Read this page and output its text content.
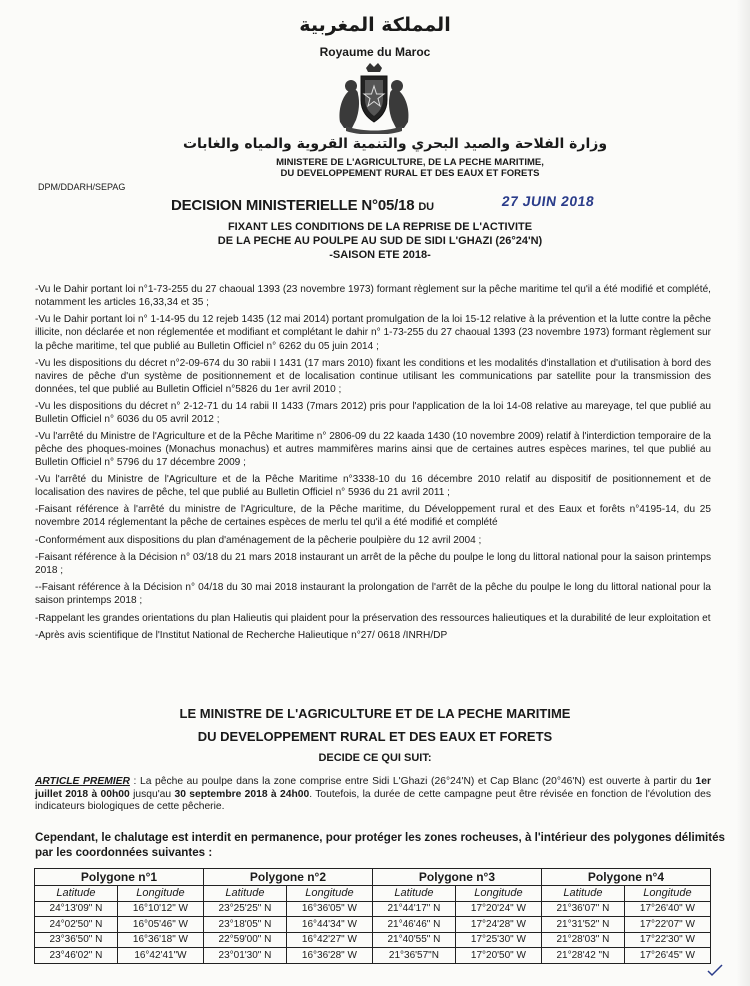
المملكة المغربية
Royaume du Maroc
وزارة الفلاحة والصيد البحري والتنمية القروية والمياه والغابات
MINISTERE DE L'AGRICULTURE, DE LA PECHE MARITIME,
DU DEVELOPPEMENT RURAL ET DES EAUX ET FORETS
DPM/DDARH/SEPAG
DECISION MINISTERIELLE N°05/18 DU	27 JUIN 2018
FIXANT LES CONDITIONS DE LA REPRISE DE L'ACTIVITE
DE LA PECHE AU POULPE AU SUD DE SIDI L'GHAZI (26°24'N)
-SAISON ETE 2018-

-Vu le Dahir portant loi n°1-73-255 du 27 chaoual 1393 (23 novembre 1973) formant règlement sur la pêche maritime tel qu'il a été modifié et complété, notamment les articles 16,33,34 et 35 ;

-Vu le Dahir portant loi n° 1-14-95 du 12 rejeb 1435 (12 mai 2014) portant promulgation de la loi 15-12 relative à la prévention et la lutte contre la pêche illicite, non déclarée et non réglementée et modifiant et complétant le dahir n° 1-73-255 du 27 chaoual 1393 (23 novembre 1973) formant règlement sur la pêche maritime, tel que publié au Bulletin Officiel n° 6262 du 05 juin 2014 ;

-Vu les dispositions du décret n°2-09-674 du 30 rabii I 1431 (17 mars 2010) fixant les conditions et les modalités d'installation et d'utilisation à bord des navires de pêche d'un système de positionnement et de localisation continue utilisant les communications par satellite pour la transmission des données, tel que publié au Bulletin Officiel n°5826 du 1er avril 2010 ;

-Vu les dispositions du décret n° 2-12-71 du 14 rabii II 1433 (7mars 2012) pris pour l'application de la loi 14-08 relative au mareyage, tel que publié au Bulletin Officiel n° 6036 du 05 avril 2012 ;

-Vu l'arrêté du Ministre de l'Agriculture et de la Pêche Maritime n° 2806-09 du 22 kaada 1430 (10 novembre 2009) relatif à l'interdiction temporaire de la pêche des phoques-moines (Monachus monachus) et autres mammifères marins ainsi que de certaines autres espèces marines, tel que publié au Bulletin Officiel n° 5796 du 17 décembre 2009 ;

-Vu l'arrêté du Ministre de l'Agriculture et de la Pêche Maritime n°3338-10 du 16 décembre 2010 relatif au dispositif de positionnement et de localisation des navires de pêche, tel que publié au Bulletin Officiel n° 5936 du 21 avril 2011 ;

-Faisant référence à l'arrêté du ministre de l'Agriculture, de la Pêche maritime, du Développement rural et des Eaux et forêts n°4195-14, du 25 novembre 2014 réglementant la pêche de certaines espèces de merlu tel qu'il a été modifié et complété

-Conformément aux dispositions du plan d'aménagement de la pêcherie poulpière du 12 avril 2004 ;

-Faisant référence à la Décision n° 03/18 du 21 mars 2018 instaurant un arrêt de la pêche du poulpe le long du littoral national pour la saison printemps 2018 ;

--Faisant référence à la Décision n° 04/18 du 30 mai 2018 instaurant la prolongation de l'arrêt de la pêche du poulpe le long du littoral national pour la saison printemps 2018 ;

-Rappelant les grandes orientations du plan Halieutis qui plaident pour la préservation des ressources halieutiques et la durabilité de leur exploitation et

-Après avis scientifique de l'Institut National de Recherche Halieutique n°27/ 0618 /INRH/DP

LE MINISTRE DE L'AGRICULTURE ET DE LA PECHE MARITIME
DU DEVELOPPEMENT RURAL ET DES EAUX ET FORETS
DECIDE CE QUI SUIT:
ARTICLE PREMIER : La pêche au poulpe dans la zone comprise entre Sidi L'Ghazi (26°24'N) et Cap Blanc (20°46'N) est ouverte à partir du 1er juillet 2018 à 00h00 jusqu'au 30 septembre 2018 à 24h00. Toutefois, la durée de cette campagne peut être révisée en fonction de l'évolution des indicateurs biologiques de cette pêcherie.
Cependant, le chalutage est interdit en permanence, pour protéger les zones rocheuses, à l'intérieur des polygones délimités par les coordonnées suivantes :
Polygone n°1		Polygone n°2		Polygone n°3		Polygone n°4	
Latitude	Longitude	Latitude	Longitude	Latitude	Longitude	Latitude	Longitude
24°13'09" N	16°10'12" W	23°25'25" N	16°36'05" W	21°44'17" N	17°20'24" W	21°36'07" N	17°26'40" W
24°02'50" N	16°05'46" W	23°18'05" N	16°44'34" W	21°46'46" N	17°24'28" W	21°31'52" N	17°22'07" W
23°36'50" N	16°36'18" W	22°59'00" N	16°42'27" W	21°40'55" N	17°25'30" W	21°28'03" N	17°22'30" W
23°46'02" N	16°42'41"W	23°01'30" N	16°36'28" W	21°36'57"N	17°20'50" W	21°28'42 "N	17°26'45" W
